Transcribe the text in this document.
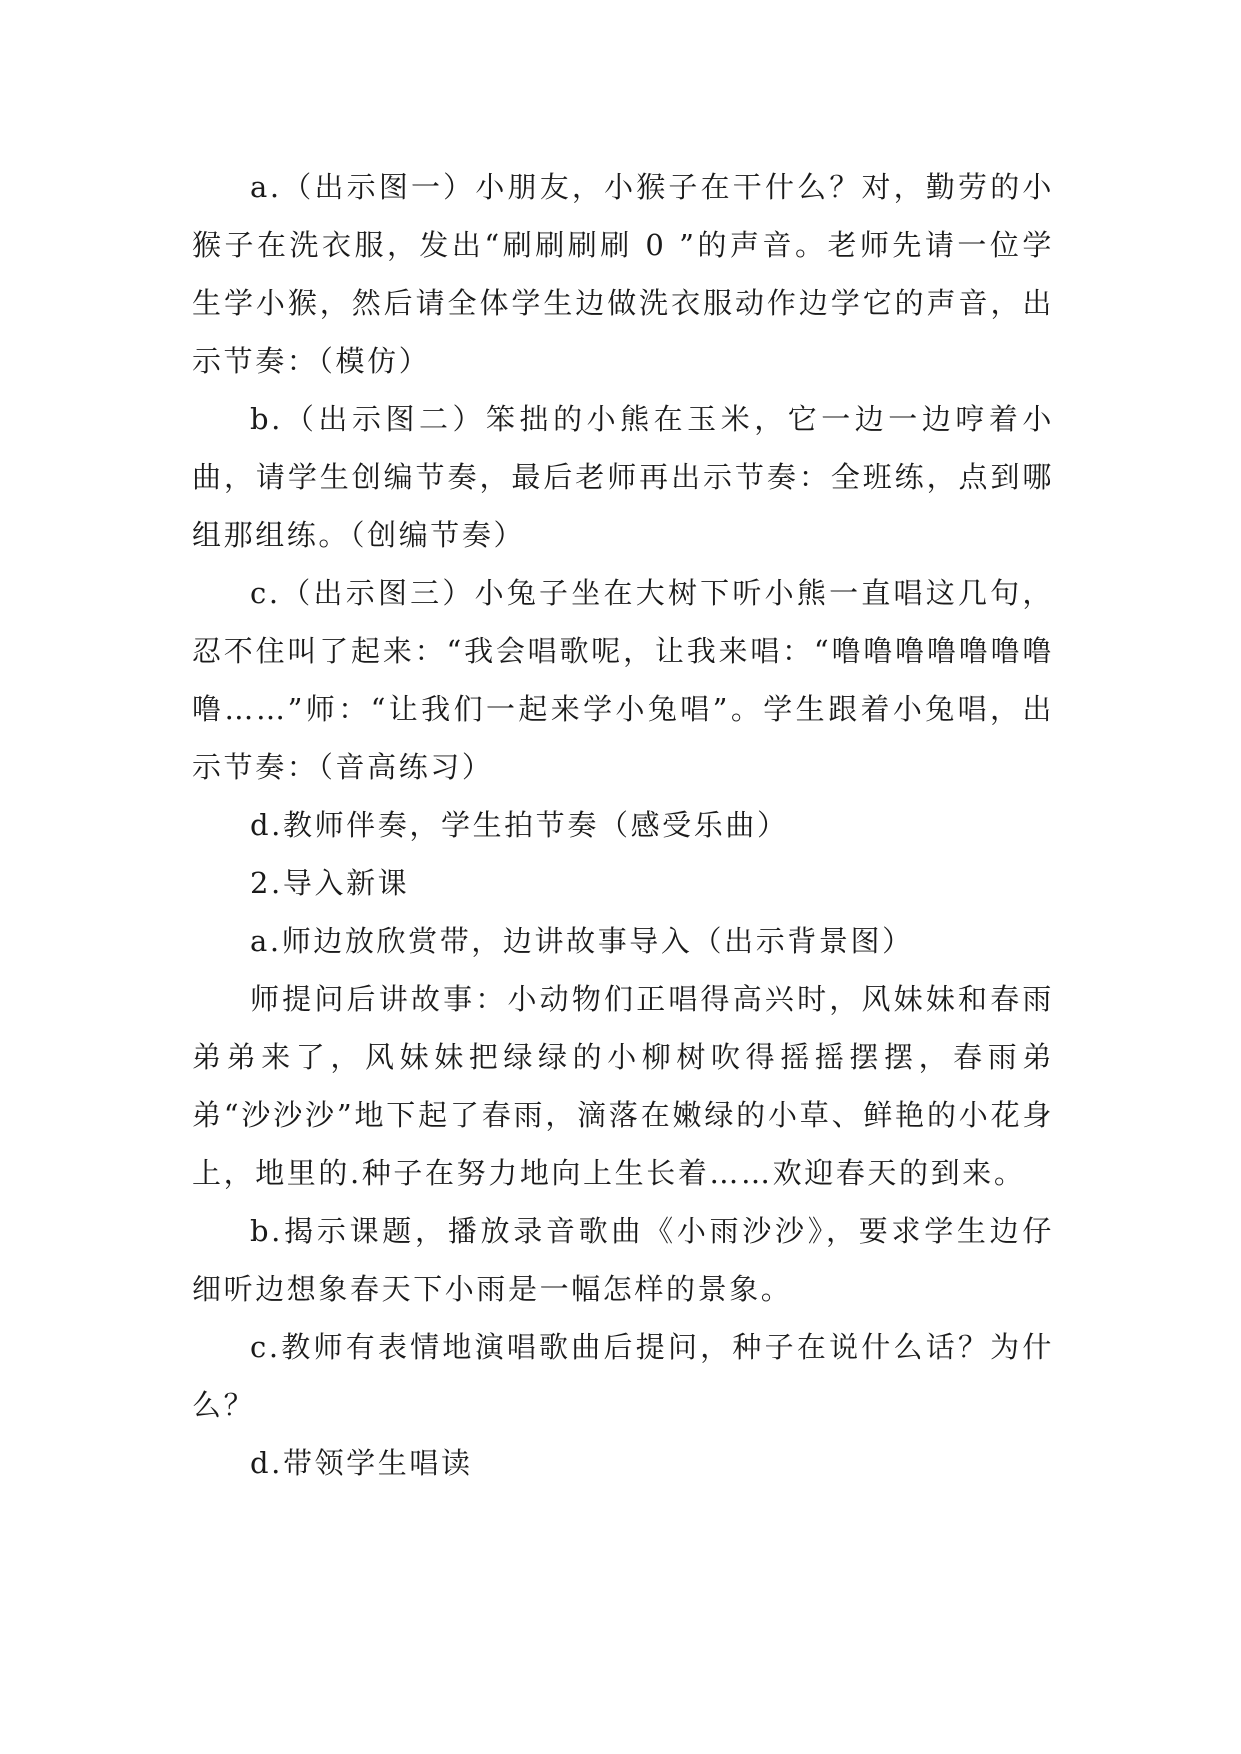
a.（出示图一）小朋友，小猴子在干什么？对，勤劳的小猴子在洗衣服，发出“刷刷刷刷 0 ”的声音。老师先请一位学生学小猴，然后请全体学生边做洗衣服动作边学它的声音，出示节奏：（模仿）

b.（出示图二）笨拙的小熊在玉米，它一边一边哼着小曲，请学生创编节奏，最后老师再出示节奏：全班练，点到哪组那组练。（创编节奏）

c.（出示图三）小兔子坐在大树下听小熊一直唱这几句，忍不住叫了起来：“我会唱歌呢，让我来唱：“噜噜噜噜噜噜噜噜……”师：“让我们一起来学小兔唱”。学生跟着小兔唱，出示节奏：（音高练习）

d.教师伴奏，学生拍节奏（感受乐曲）

2.导入新课

a.师边放欣赏带，边讲故事导入（出示背景图）

师提问后讲故事：小动物们正唱得高兴时，风妹妹和春雨弟弟来了，风妹妹把绿绿的小柳树吹得摇摇摆摆，春雨弟弟“沙沙沙”地下起了春雨，滴落在嫩绿的小草、鲜艳的小花身上，地里的.种子在努力地向上生长着……欢迎春天的到来。

b.揭示课题，播放录音歌曲《小雨沙沙》，要求学生边仔细听边想象春天下小雨是一幅怎样的景象。

c.教师有表情地演唱歌曲后提问，种子在说什么话？为什么？

d.带领学生唱读
